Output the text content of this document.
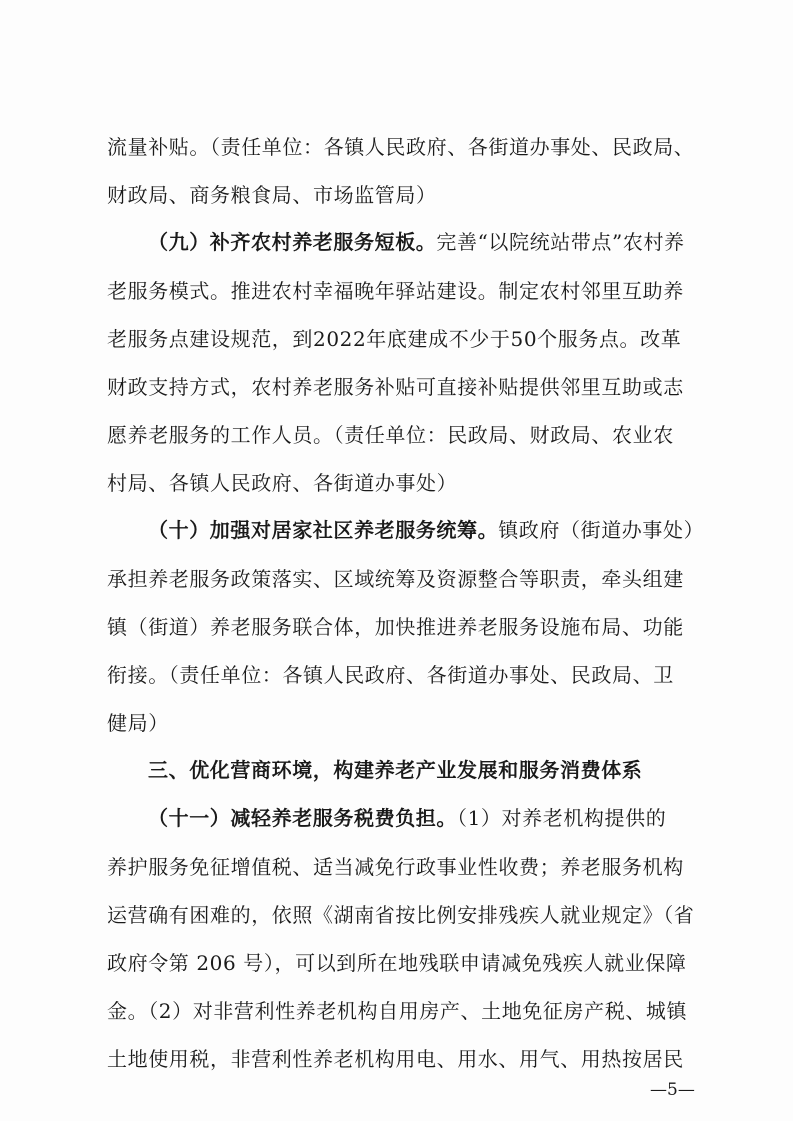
流量补贴。（责任单位：各镇人民政府、各街道办事处、民政局、
财政局、商务粮食局、市场监管局）
（九）补齐农村养老服务短板。完善“以院统站带点”农村养
老服务模式。推进农村幸福晚年驿站建设。制定农村邻里互助养
老服务点建设规范，到2022年底建成不少于50个服务点。改革
财政支持方式，农村养老服务补贴可直接补贴提供邻里互助或志
愿养老服务的工作人员。（责任单位：民政局、财政局、农业农
村局、各镇人民政府、各街道办事处）
（十）加强对居家社区养老服务统筹。镇政府（街道办事处）
承担养老服务政策落实、区域统筹及资源整合等职责，牵头组建
镇（街道）养老服务联合体，加快推进养老服务设施布局、功能
衔接。（责任单位：各镇人民政府、各街道办事处、民政局、卫
健局）
三、优化营商环境，构建养老产业发展和服务消费体系
（十一）减轻养老服务税费负担。（1）对养老机构提供的
养护服务免征增值税、适当减免行政事业性收费；养老服务机构
运营确有困难的，依照《湖南省按比例安排残疾人就业规定》（省
政府令第 206 号），可以到所在地残联申请减免残疾人就业保障
金。（2）对非营利性养老机构自用房产、土地免征房产税、城镇
土地使用税，非营利性养老机构用电、用水、用气、用热按居民
—5—
